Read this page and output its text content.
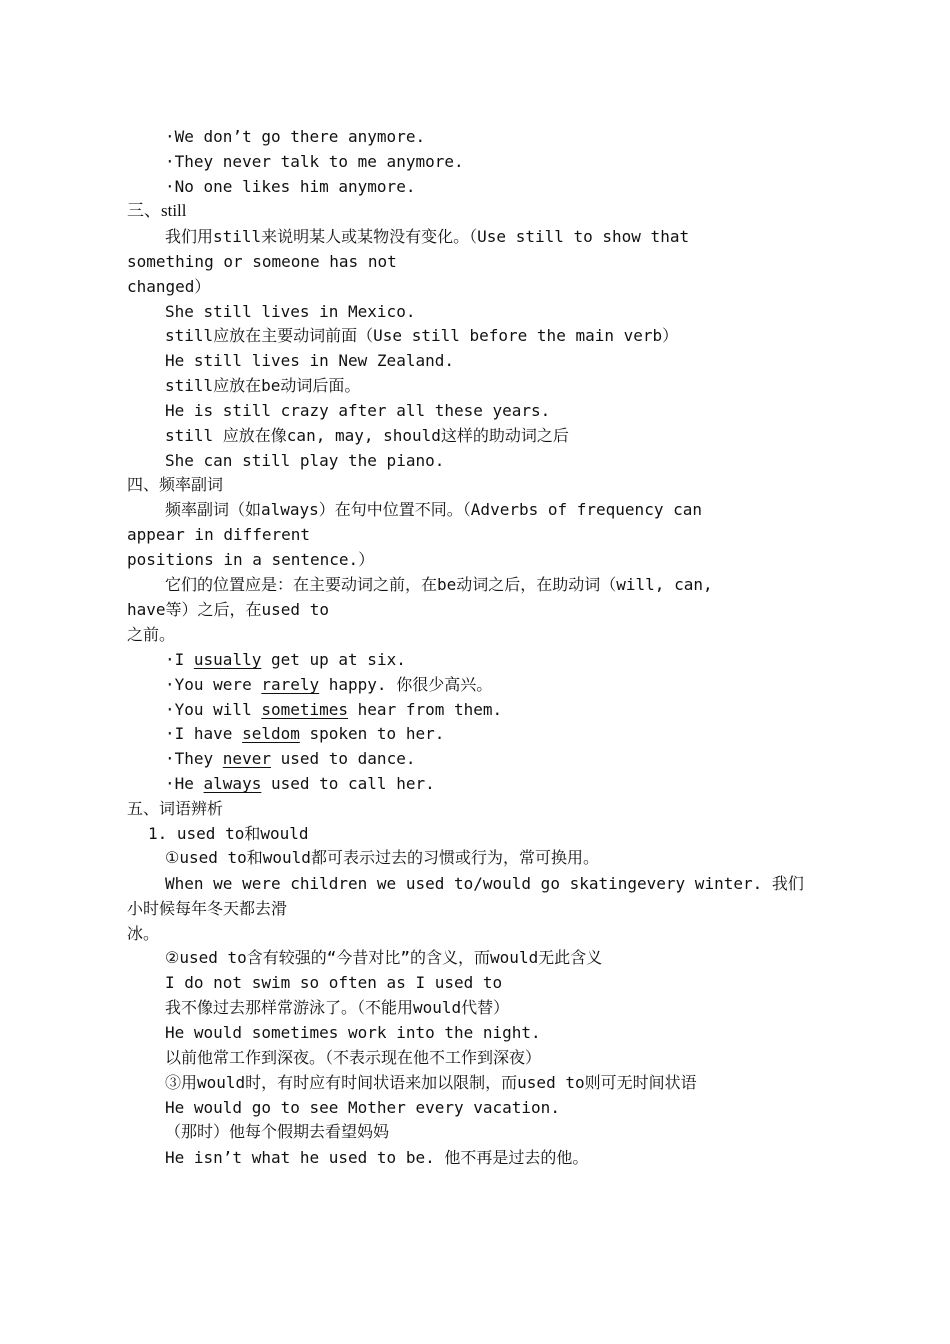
·We don’t go there anymore.
·They never talk to me anymore.
·No one likes him anymore.
三、still
我们用still来说明某人或某物没有变化。（Use still to show that
something or someone has not
changed）
She still lives in Mexico.
still应放在主要动词前面（Use still before the main verb）
He still lives in New Zealand.
still应放在be动词后面。
He is still crazy after all these years.
still 应放在像can, may, should这样的助动词之后
She can still play the piano.
四、频率副词
频率副词（如always）在句中位置不同。（Adverbs of frequency can
appear in different
positions in a sentence.）
它们的位置应是：在主要动词之前，在be动词之后，在助动词（will, can,
have等）之后，在used to
之前。
·I usually get up at six.
·You were rarely happy. 你很少高兴。
·You will sometimes hear from them.
·I have seldom spoken to her.
·They never used to dance.
·He always used to call her.
五、词语辨析
1. used to和would
①used to和would都可表示过去的习惯或行为，常可换用。
When we were children we used to/would go skatingevery winter. 我们
小时候每年冬天都去滑
冰。
②used to含有较强的“今昔对比”的含义，而would无此含义
I do not swim so often as I used to
我不像过去那样常游泳了。（不能用would代替）
He would sometimes work into the night.
以前他常工作到深夜。（不表示现在他不工作到深夜）
③用would时，有时应有时间状语来加以限制，而used to则可无时间状语
He would go to see Mother every vacation.
（那时）他每个假期去看望妈妈
He isn’t what he used to be. 他不再是过去的他。
